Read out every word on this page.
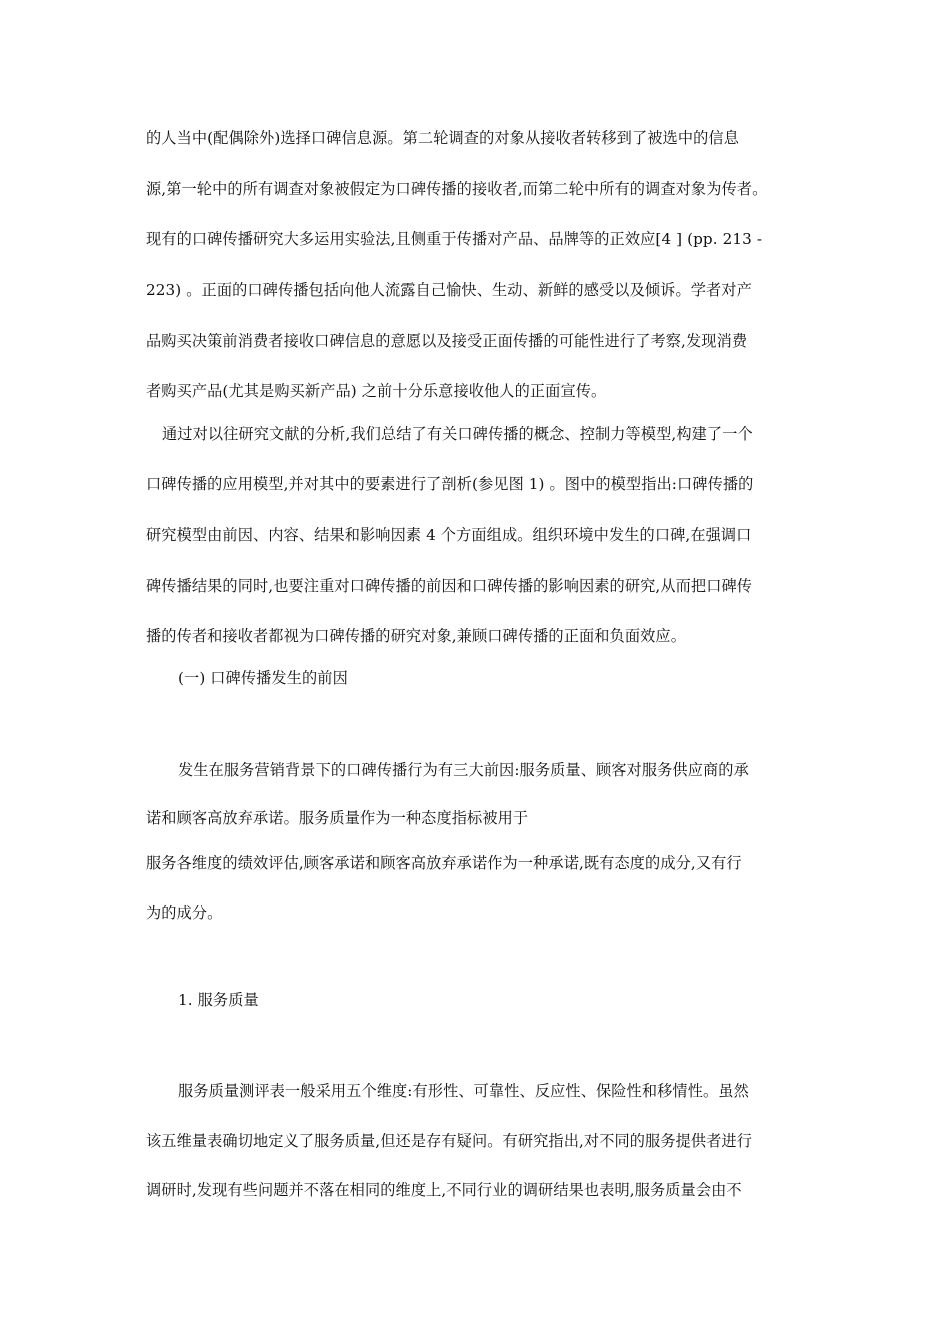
的人当中(配偶除外)选择口碑信息源。第二轮调查的对象从接收者转移到了被选中的信息
源,第一轮中的所有调查对象被假定为口碑传播的接收者,而第二轮中所有的调查对象为传者。
现有的口碑传播研究大多运用实验法,且侧重于传播对产品、品牌等的正效应[4 ] (pp. 213 -
223) 。正面的口碑传播包括向他人流露自己愉快、生动、新鲜的感受以及倾诉。学者对产
品购买决策前消费者接收口碑信息的意愿以及接受正面传播的可能性进行了考察,发现消费
者购买产品(尤其是购买新产品) 之前十分乐意接收他人的正面宣传。
通过对以往研究文献的分析,我们总结了有关口碑传播的概念、控制力等模型,构建了一个
口碑传播的应用模型,并对其中的要素进行了剖析(参见图 1) 。图中的模型指出:口碑传播的
研究模型由前因、内容、结果和影响因素 4 个方面组成。组织环境中发生的口碑,在强调口
碑传播结果的同时,也要注重对口碑传播的前因和口碑传播的影响因素的研究,从而把口碑传
播的传者和接收者都视为口碑传播的研究对象,兼顾口碑传播的正面和负面效应。
(一) 口碑传播发生的前因
发生在服务营销背景下的口碑传播行为有三大前因:服务质量、顾客对服务供应商的承
诺和顾客高放弃承诺。服务质量作为一种态度指标被用于
服务各维度的绩效评估,顾客承诺和顾客高放弃承诺作为一种承诺,既有态度的成分,又有行
为的成分。
1. 服务质量
服务质量测评表一般采用五个维度:有形性、可靠性、反应性、保险性和移情性。虽然
该五维量表确切地定义了服务质量,但还是存有疑问。有研究指出,对不同的服务提供者进行
调研时,发现有些问题并不落在相同的维度上,不同行业的调研结果也表明,服务质量会由不
